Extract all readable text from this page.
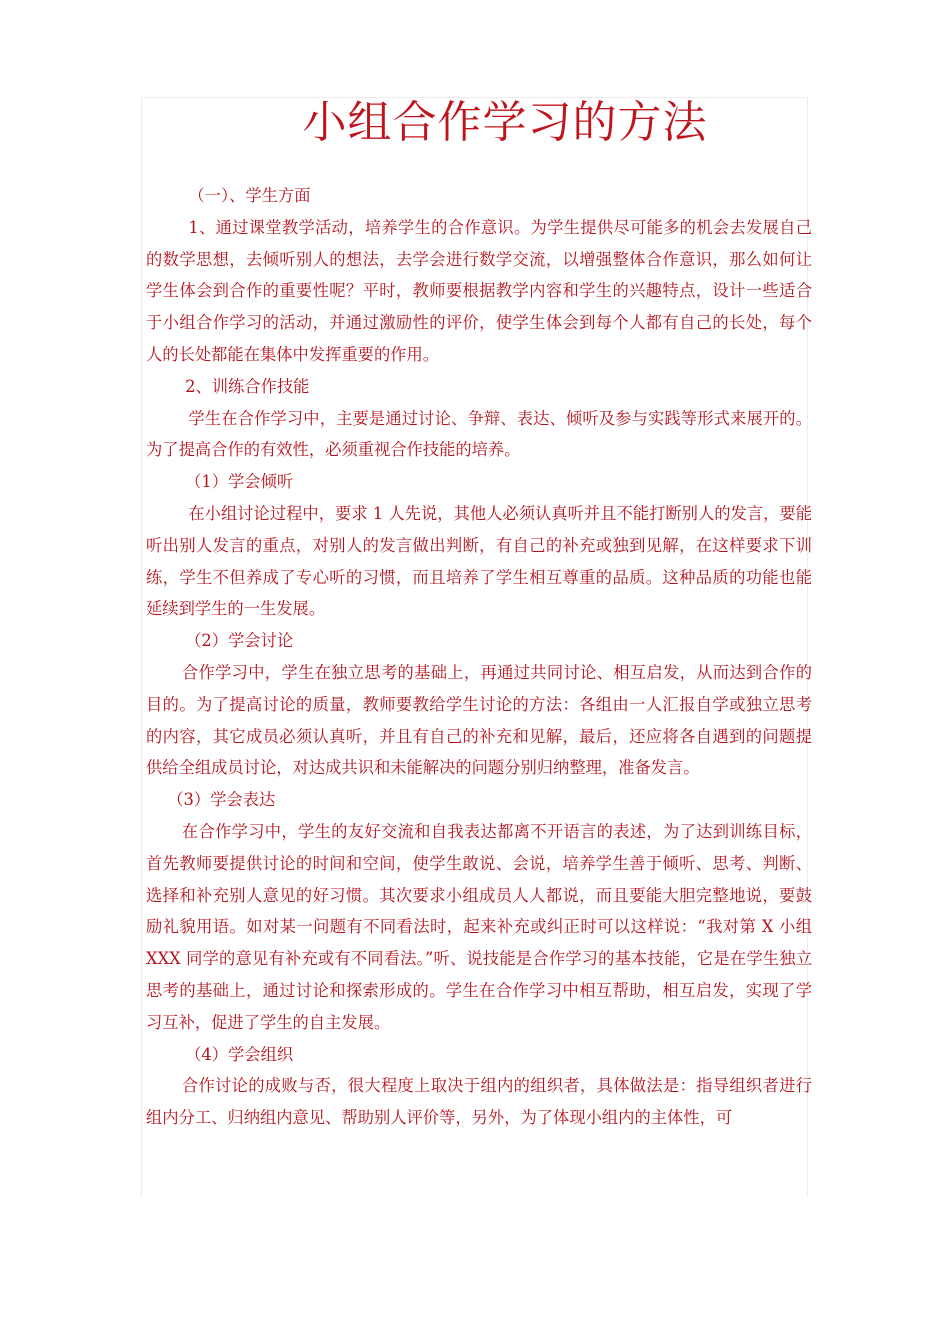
小组合作学习的方法

（一）、学生方面

1、通过课堂教学活动，培养学生的合作意识。为学生提供尽可能多的机会去发展自己的数学思想，去倾听别人的想法，去学会进行数学交流，以增强整体合作意识，那么如何让学生体会到合作的重要性呢？平时，教师要根据教学内容和学生的兴趣特点，设计一些适合于小组合作学习的活动，并通过激励性的评价，使学生体会到每个人都有自己的长处，每个人的长处都能在集体中发挥重要的作用。

2、训练合作技能

学生在合作学习中，主要是通过讨论、争辩、表达、倾听及参与实践等形式来展开的。为了提高合作的有效性，必须重视合作技能的培养。

（1）学会倾听

在小组讨论过程中，要求 1 人先说，其他人必须认真听并且不能打断别人的发言，要能听出别人发言的重点，对别人的发言做出判断，有自己的补充或独到见解，在这样要求下训练，学生不但养成了专心听的习惯，而且培养了学生相互尊重的品质。这种品质的功能也能延续到学生的一生发展。

（2）学会讨论

合作学习中，学生在独立思考的基础上，再通过共同讨论、相互启发，从而达到合作的目的。为了提高讨论的质量，教师要教给学生讨论的方法：各组由一人汇报自学或独立思考的内容，其它成员必须认真听，并且有自己的补充和见解，最后，还应将各自遇到的问题提供给全组成员讨论，对达成共识和未能解决的问题分别归纳整理，准备发言。

（3）学会表达

在合作学习中，学生的友好交流和自我表达都离不开语言的表述，为了达到训练目标，首先教师要提供讨论的时间和空间，使学生敢说、会说，培养学生善于倾听、思考、判断、选择和补充别人意见的好习惯。其次要求小组成员人人都说，而且要能大胆完整地说，要鼓励礼貌用语。如对某一问题有不同看法时，起来补充或纠正时可以这样说：“我对第 X 小组 XXX 同学的意见有补充或有不同看法。”听、说技能是合作学习的基本技能，它是在学生独立思考的基础上，通过讨论和探索形成的。学生在合作学习中相互帮助，相互启发，实现了学习互补，促进了学生的自主发展。

（4）学会组织

合作讨论的成败与否，很大程度上取决于组内的组织者，具体做法是：指导组织者进行组内分工、归纳组内意见、帮助别人评价等，另外，为了体现小组内的主体性，可
